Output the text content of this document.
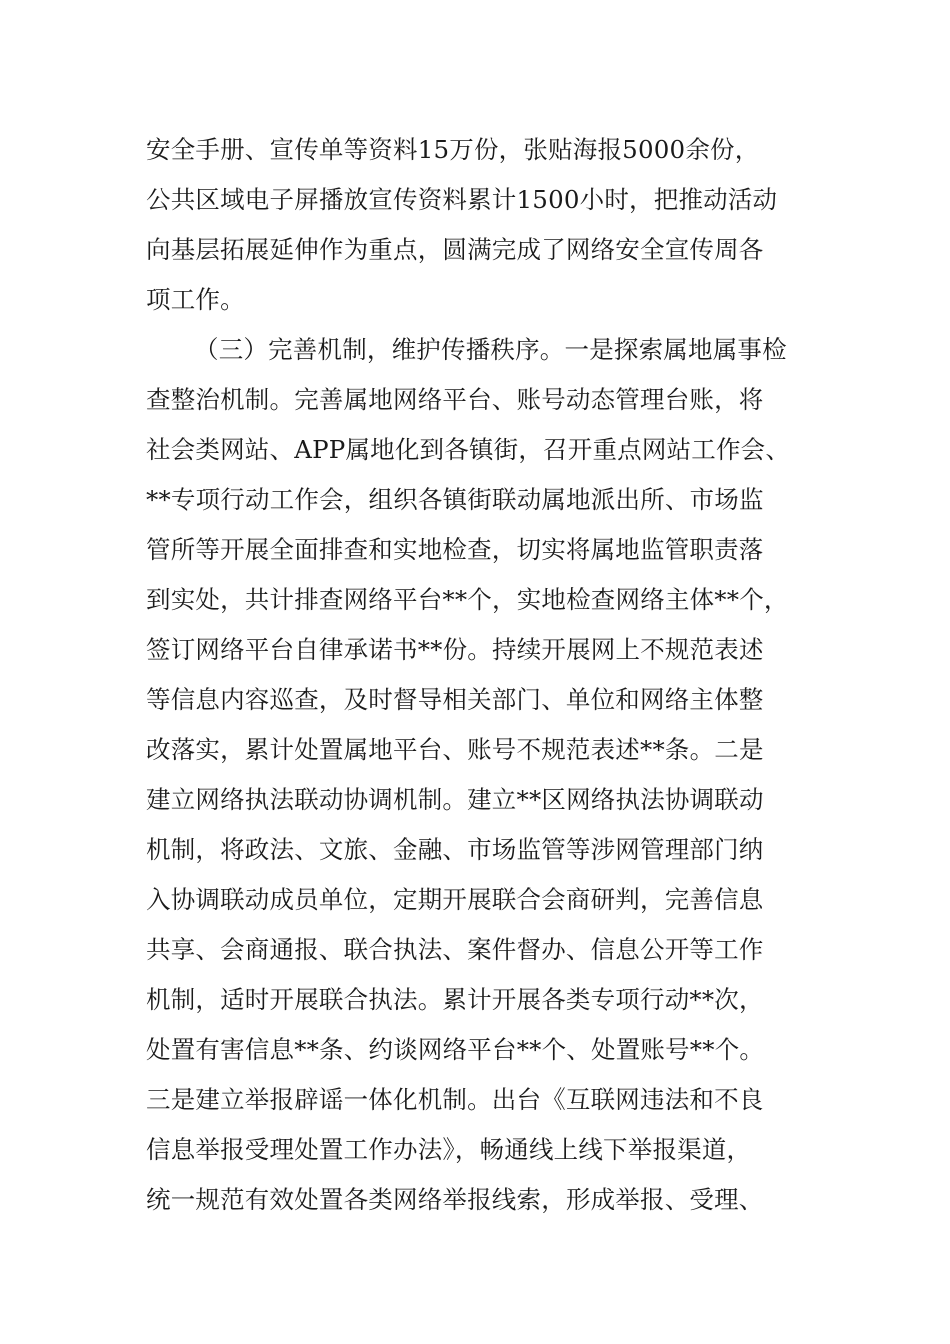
安全手册、宣传单等资料15万份，张贴海报5000余份，
公共区域电子屏播放宣传资料累计1500小时，把推动活动
向基层拓展延伸作为重点，圆满完成了网络安全宣传周各
项工作。
（三）完善机制，维护传播秩序。一是探索属地属事检
查整治机制。完善属地网络平台、账号动态管理台账，将
社会类网站、APP属地化到各镇街，召开重点网站工作会、
**专项行动工作会，组织各镇街联动属地派出所、市场监
管所等开展全面排查和实地检查，切实将属地监管职责落
到实处，共计排查网络平台**个，实地检查网络主体**个，
签订网络平台自律承诺书**份。持续开展网上不规范表述
等信息内容巡查，及时督导相关部门、单位和网络主体整
改落实，累计处置属地平台、账号不规范表述**条。二是
建立网络执法联动协调机制。建立**区网络执法协调联动
机制，将政法、文旅、金融、市场监管等涉网管理部门纳
入协调联动成员单位，定期开展联合会商研判，完善信息
共享、会商通报、联合执法、案件督办、信息公开等工作
机制，适时开展联合执法。累计开展各类专项行动**次，
处置有害信息**条、约谈网络平台**个、处置账号**个。
三是建立举报辟谣一体化机制。出台《互联网违法和不良
信息举报受理处置工作办法》，畅通线上线下举报渠道，
统一规范有效处置各类网络举报线索，形成举报、受理、
